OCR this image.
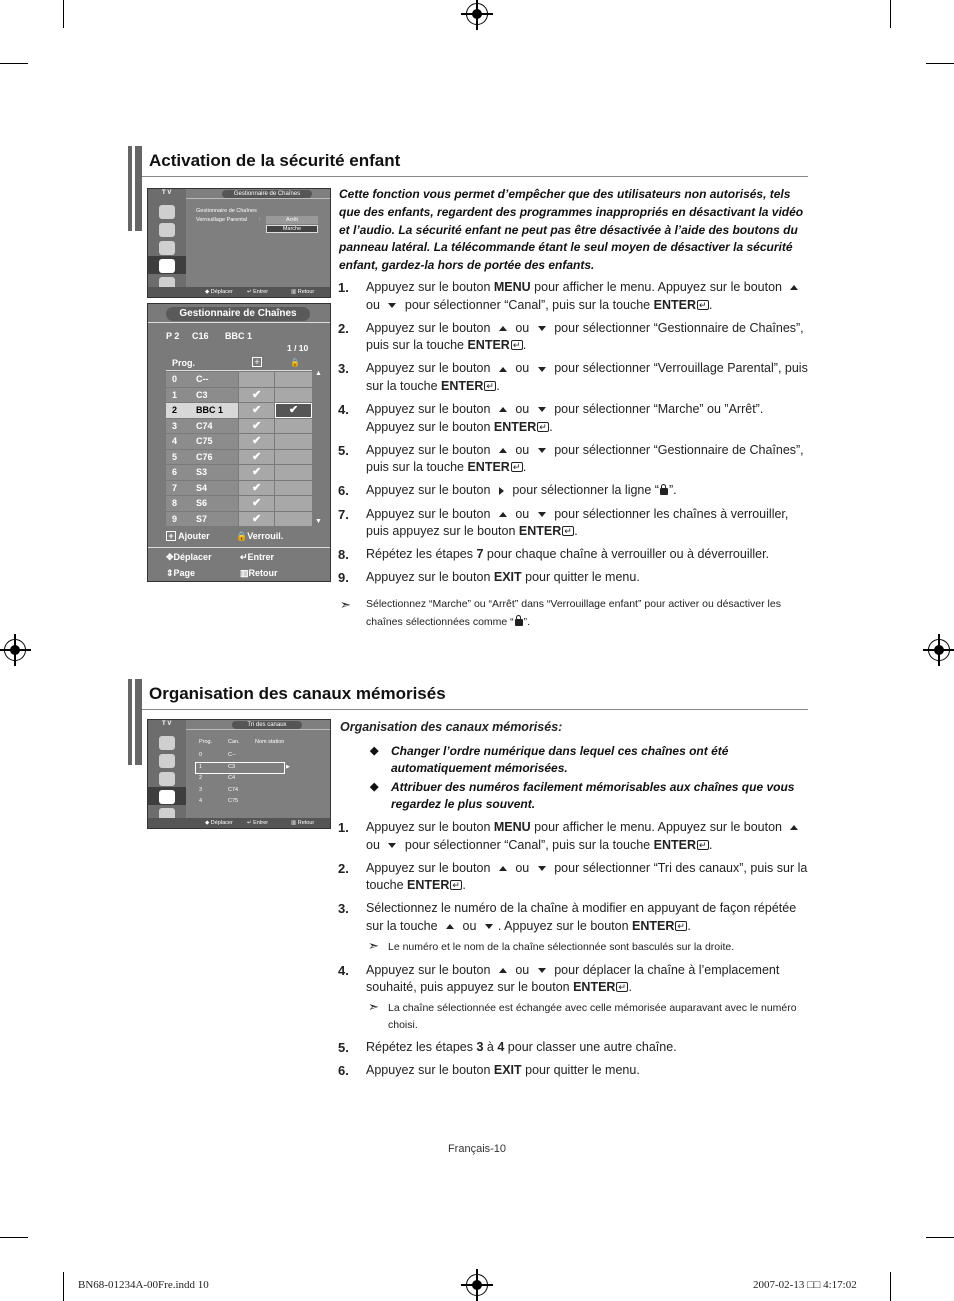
Activation de la sécurité enfant
T V	Gestionnaire de Chaînes
Gestionnaire de Chaînes
Verrouillage Parental :	Arrêt
Marche
◆ Déplacer	↵ Entrer	▥ Retour
Gestionnaire de Chaînes
P 2 C16 BBC 1
1 / 10
Prog.	+	🔒
0 C--
1 C3	✔
2 BBC 1	✔	✔
3 C74	✔
4 C75	✔
5 C76	✔
6 S3	✔
7 S4	✔
8 S6	✔
9 S7	✔
▲
▼
+ Ajouter	🔒Verrouil.
✥Déplacer	↵Entrer
⇕Page	▥Retour
Cette fonction vous permet d’empêcher que des utilisateurs non autorisés, tels que des enfants, regardent des programmes inappropriés en désactivant la vidéo et l’audio. La sécurité enfant ne peut pas être désactivée à l’aide des boutons du panneau latéral. La télécommande étant le seul moyen de désactiver la sécurité enfant, gardez-la hors de portée des enfants.
1. Appuyez sur le bouton MENU pour afficher le menu. Appuyez sur le bouton  ou  pour sélectionner “Canal”, puis sur la touche ENTER ↵ .
2. Appuyez sur le bouton  ou  pour sélectionner “Gestionnaire de Chaînes”, puis sur la touche ENTER ↵ .
3. Appuyez sur le bouton  ou  pour sélectionner “Verrouillage Parental”, puis sur la touche ENTER ↵ .
4. Appuyez sur le bouton  ou  pour sélectionner “Marche” ou ”Arrêt”. Appuyez sur le bouton ENTER ↵ .
5. Appuyez sur le bouton  ou  pour sélectionner “Gestionnaire de Chaînes”, puis sur la touche ENTER ↵ .
6. Appuyez sur le bouton  pour sélectionner la ligne “ ”.
7. Appuyez sur le bouton  ou  pour sélectionner les chaînes à verrouiller, puis appuyez sur le bouton ENTER ↵ .
8. Répétez les étapes 7 pour chaque chaîne à verrouiller ou à déverrouiller.
9. Appuyez sur le bouton EXIT pour quitter le menu.
➣ Sélectionnez “Marche” ou “Arrêt” dans “Verrouillage enfant” pour activer ou désactiver les chaînes sélectionnées comme “ ”.
Organisation des canaux mémorisés
T V	Tri des canaux
Prog.	Can.	Nom station
0	C--
1	C3
2	C4
3	C74
4	C75
▶
◆ Déplacer	↵ Entrer	▥ Retour
Organisation des canaux mémorisés:
◆ Changer l’ordre numérique dans lequel ces chaînes ont été automatiquement mémorisées.
◆ Attribuer des numéros facilement mémorisables aux chaînes que vous regardez le plus souvent.
1. Appuyez sur le bouton MENU pour afficher le menu. Appuyez sur le bouton  ou  pour sélectionner “Canal”, puis sur la touche ENTER ↵ .
2. Appuyez sur le bouton  ou  pour sélectionner “Tri des canaux”, puis sur la touche ENTER ↵ .
3. Sélectionnez le numéro de la chaîne à modifier en appuyant de façon répétée sur la touche  ou . Appuyez sur le bouton ENTER ↵ .
➣ Le numéro et le nom de la chaîne sélectionnée sont basculés sur la droite.
4. Appuyez sur le bouton  ou  pour déplacer la chaîne à l’emplacement souhaité, puis appuyez sur le bouton ENTER ↵ .
➣ La chaîne sélectionnée est échangée avec celle mémorisée auparavant avec le numéro choisi.
5. Répétez les étapes 3 à 4 pour classer une autre chaîne.
6. Appuyez sur le bouton EXIT pour quitter le menu.
Français-10
BN68-01234A-00Fre.indd 10	2007-02-13 □□ 4:17:02
